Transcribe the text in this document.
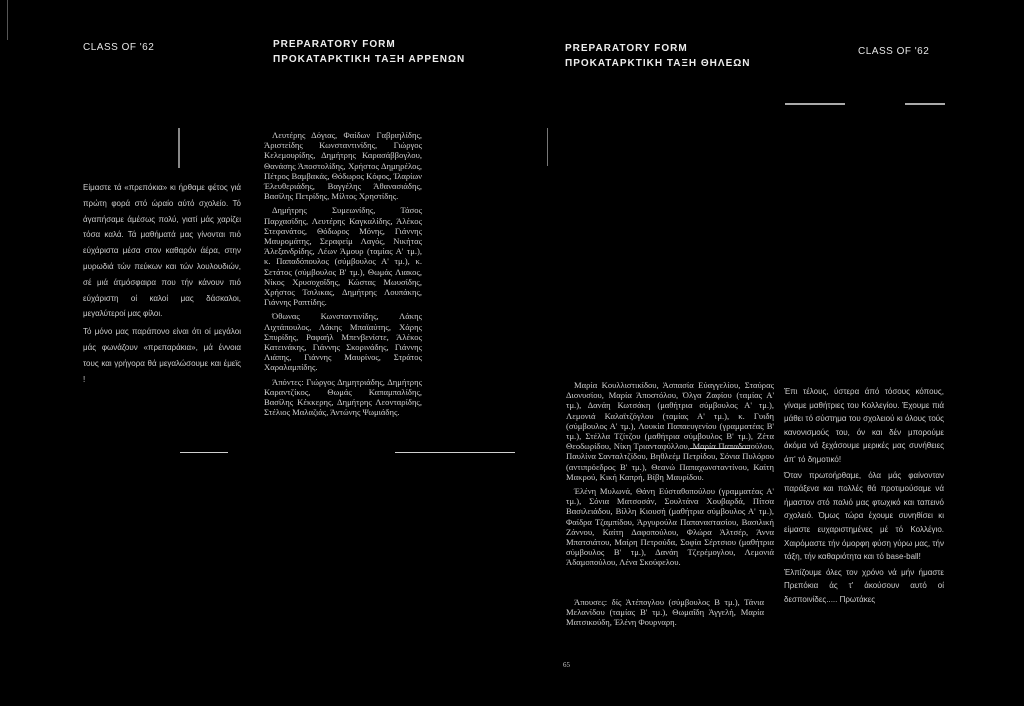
CLASS OF '62	PREPARATORY FORM
ΠΡΟΚΑΤΑΡΚΤΙΚΗ ΤΑΞΗ ΑΡΡΕΝΩΝ
PREPARATORY FORM
ΠΡΟΚΑΤΑΡΚΤΙΚΗ ΤΑΞΗ ΘΗΛΕΩΝ
CLASS OF '62

Είμαστε τά «πρεπόκια» κι ήρθαμε φέτος γιά πρώτη φορά στό ώραίο αύτό σχολείο. Τό άγαπήσαμε άμέσως πολύ, γιατί μάς χαρίζει τόσα καλά. Τά μαθήματά μας γίνονται πιό εύχάριστα μέσα στον καθαρόν άέρα, στην μυρωδιά τών πεύκων και τών λουλουδιών, σέ μιά άτμόσφαιρα που τήν κάνουν πιό εύχάριστη οί καλοί μας δάσκαλοι, μεγαλύτεροί μας φίλοι.

Τό μόνο μας παράπονο είναι ότι οί μεγάλοι μάς φωνάζουν «πρεπαράκια», μά έννοια τους και γρήγορα θά μεγαλώσουμε και έμεϊς !

Λευτέρης Δόγιας, Φαίδων Γαβριηλίδης, Άριστείδης Κωνσταντινίδης, Γιώργος Κελεμουρίδης, Δημήτρης Καρασάββογλου, Θανάσης Άποστολίδης, Χρήστος Δημηρέλος, Πέτρος Βαμβακάς, Θόδωρος Κόφος, Ίλαρίων Έλευθεριάδης, Βαγγέλης Άθανασιάδης, Βασίλης Πετρίδης, Μίλτος Χρηστίδης.

Δημήτρης Συμεωνίδης, Τάσος Παρχασίδης, Λευτέρης Καγκαλίδης, Άλέκος Στεφανάτος, Θόδωρος Μόνης, Γιάννης Μαυρομάτης, Σεραφείμ Λαγός, Νικήτας Άλεξανδρίδης, Λέων Άμουρ (ταμίας Α' τμ.), κ. Παπαδόπουλος (σύμβουλος Α' τμ.), κ. Σετάτος (σύμβουλος Β' τμ.), Θωμάς Λιακος, Νίκος Χρυσοχοΐδης, Κώστας Μωυσίδης, Χρήστος Τσιλικας, Δημήτρης Λουπάκης, Γιάννης Ραπτίδης.

Όθωνας Κωνσταντινίδης, Λάκης Λιχτάπουλος, Λάκης Μπαϊαύτης, Χάρης Σπυρίδης, Ραφαήλ Μπενβενίστε, Άλέκος Κατεινάκης, Γιάννης Σκορινάδης, Γιάννης Λιάπης, Γιάννης Μαυρίνος, Στράτος Χαραλαμπίδης.

Άπόντες: Γιώργος Δημητριάδης, Δημήτρης Καραντζίκος, Θωμάς Καπαμπαλίδης, Βασίλης Κέκκερης, Δημήτρης Λεονταρίδης, Στέλιος Μαλαζιάς, Άντώνης Ψωμιάδης.

Μαρία Κουλλιστικίδου, Άσπασία Εύαγγελίου, Σταύρας Διονυσίου, Μαρία Άποστόλου, Όλγα Ζαφίου (ταμίας Α' τμ.), Δανάη Κωτσάκη (μαθήτρια σύμβουλος Α' τμ.), Λεμονιά Καλαϊτζόγλου (ταμίας Α' τμ.), κ. Γυιδη (σύμβουλος Α' τμ.), Λουκία Παπαευγενίου (γραμματέας Β' τμ.), Στέλλα Τζίτζου (μαθήτρια σύμβουλος Β' τμ.), Ζέτα Θεοδωρίδου, Νίκη Τριανταφύλλου, Μαρία Παπαδοπούλου, Παυλίνα Σανταλτζίδου, Βηθλεέμ Πετρίδου, Σόνια Πυλόρου (αντιπρόεδρος Β' τμ.), Θεανώ Παπαχωνσταντίνου, Καίτη Μακρού, Κική Καπρή, Βίβη Μαυρίδου.

Έλένη Μυλωνά, Θάνη Εύσταθοπούλου (γραμματέας Α' τμ.), Σόνια Ματσοσάν, Σουλτάνα Χουβαρδά, Πίτσα Βασιλειάδου, Βίλλη Κιουσή (μαθήτρια σύμβουλος Α' τμ.), Φαίδρα Τζαμπίδου, Άργυρούλα Παπαναστασίου, Βασιλική Ζάννου, Καίτη Δαφοπούλου, Φλώρα Άλτσέρ, Άννα Μπατσιάτου, Μαίρη Πετρούδα, Σοφία Σέρτσιου (μαθήτρια σύμβουλος Β' τμ.), Δανάη Τζερέμογλου, Λεμονιά Άδαμοπούλου, Λένα Σκούφελου.

Έπι τέλους, ύστερα άπό τόσους κόπους, γίναμε μαθήτριες του Κολλεγίου. Έχουμε πιά μάθει τό σύστημα του σχολειού κι όλους τούς κανονισμούς του, όν και δέν μπορούμε άκόμα νά ξεχάσουμε μερικές μας συνήθειες άπ' τό δημοτικό!

Όταν πρωτοήρθαμε, όλα μάς φαίνονταν παράξενα και πολλές θά προτιμούσαμε νά ήμαστον στό παλιό μας φτωχικό και ταπεινό σχολειό. Όμως τώρα έχουμε συνηθίσει κι είμαστε ευχαριστημένες μέ τό Κολλέγιο. Χαιρόμαστε τήν όμορφη φύση γύρω μας, τήν τάξη, τήν καθαριότητα και τό base-ball!

Έλπίζουμε όλες τον χρόνο νά μήν ήμαστε Πρεπόκια άς τ' άκούσουν αυτό οί δεσποινίδες..... Πρωτάκες

Άπουσες: δίς Άτέπογλου (σύμβουλος Β τμ.), Τάνια Μελανίδου (ταμίας Β' τμ.), Θωμαΐδη Άγγελή, Μαρία Ματσικούδη, Έλένη Φουρναρη.

65
